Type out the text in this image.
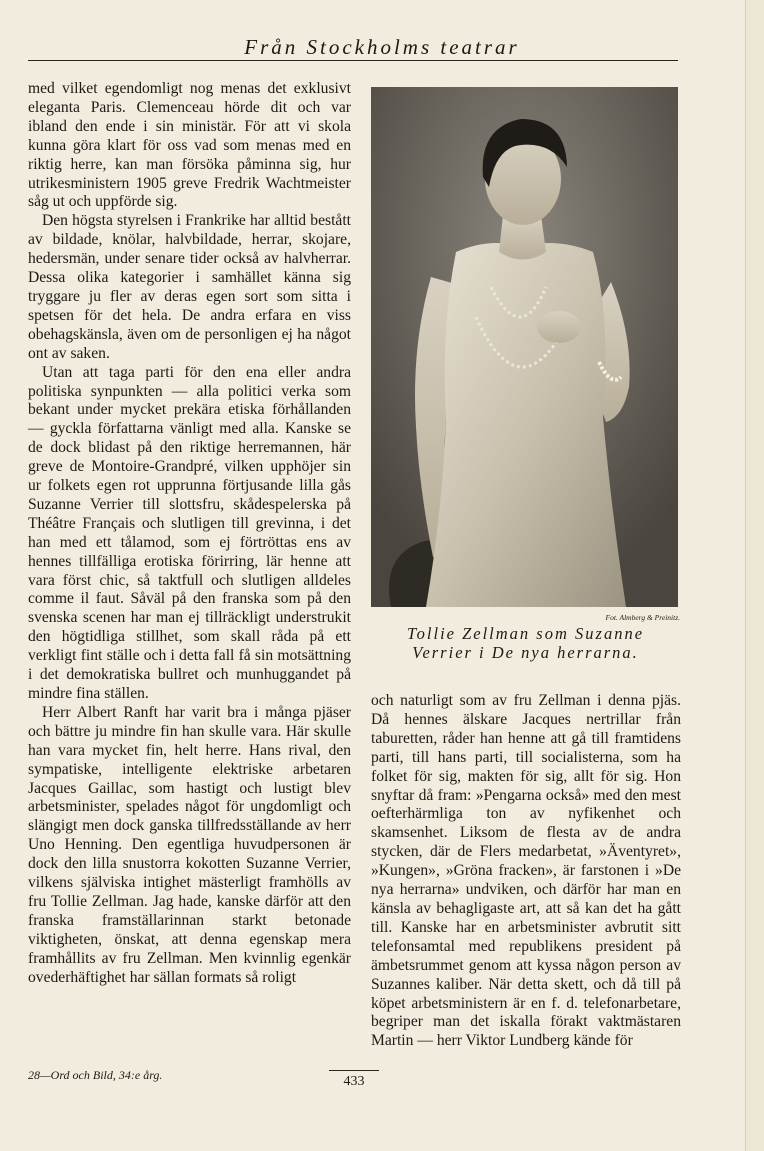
Från Stockholms teatrar

med vilket egendomligt nog menas det exklusivt eleganta Paris. Clemenceau hörde dit och var ibland den ende i sin ministär. För att vi skola kunna göra klart för oss vad som menas med en riktig herre, kan man försöka påminna sig, hur utrikesministern 1905 greve Fredrik Wachtmeister såg ut och uppförde sig.

Den högsta styrelsen i Frankrike har alltid bestått av bildade, knölar, halvbildade, herrar, skojare, hedersmän, under senare tider också av halvherrar. Dessa olika kategorier i samhället känna sig tryggare ju fler av deras egen sort som sitta i spetsen för det hela. De andra erfara en viss obehagskänsla, även om de personligen ej ha något ont av saken.

Utan att taga parti för den ena eller andra politiska synpunkten — alla politici verka som bekant under mycket prekära etiska förhållanden — gyckla författarna vänligt med alla. Kanske se de dock blidast på den riktige herremannen, här greve de Montoire-Grandpré, vilken upphöjer sin ur folkets egen rot upprunna förtjusande lilla gås Suzanne Verrier till slottsfru, skådespelerska på Théâtre Français och slutligen till grevinna, i det han med ett tålamod, som ej förtröttas ens av hennes tillfälliga erotiska förirring, lär henne att vara först chic, så taktfull och slutligen alldeles comme il faut. Såväl på den franska som på den svenska scenen har man ej tillräckligt understrukit den högtidliga stillhet, som skall råda på ett verkligt fint ställe och i detta fall få sin motsättning i det demokratiska bullret och munhuggandet på mindre fina ställen.

Herr Albert Ranft har varit bra i många pjäser och bättre ju mindre fin han skulle vara. Här skulle han vara mycket fin, helt herre. Hans rival, den sympatiske, intelligente elektriske arbetaren Jacques Gaillac, som hastigt och lustigt blev arbetsminister, spelades något för ungdomligt och slängigt men dock ganska tillfredsställande av herr Uno Henning. Den egentliga huvudpersonen är dock den lilla snustorra kokotten Suzanne Verrier, vilkens själviska intighet mästerligt framhölls av fru Tollie Zellman. Jag hade, kanske därför att den franska framställarinnan starkt betonade viktigheten, önskat, att denna egenskap mera framhållits av fru Zellman. Men kvinnlig egenkär ovederhäftighet har sällan formats så roligt

Fot. Almberg & Preinitz.
Tollie Zellman som Suzanne
Verrier i De nya herrarna.

och naturligt som av fru Zellman i denna pjäs. Då hennes älskare Jacques nertrillar från taburetten, råder han henne att gå till framtidens parti, till hans parti, till socialisterna, som ha folket för sig, makten för sig, allt för sig. Hon snyftar då fram: »Pengarna också» med den mest oefterhärmliga ton av nyfikenhet och skamsenhet. Liksom de flesta av de andra stycken, där de Flers medarbetat, »Äventyret», »Kungen», »Gröna fracken», är farstonen i »De nya herrarna» undviken, och därför har man en känsla av behagligaste art, att så kan det ha gått till. Kanske har en arbetsminister avbrutit sitt telefonsamtal med republikens president på ämbetsrummet genom att kyssa någon person av Suzannes kaliber. När detta skett, och då till på köpet arbetsministern är en f. d. telefonarbetare, begriper man det iskalla förakt vaktmästaren Martin — herr Viktor Lundberg kände för

28—Ord och Bild, 34:e årg.	433
